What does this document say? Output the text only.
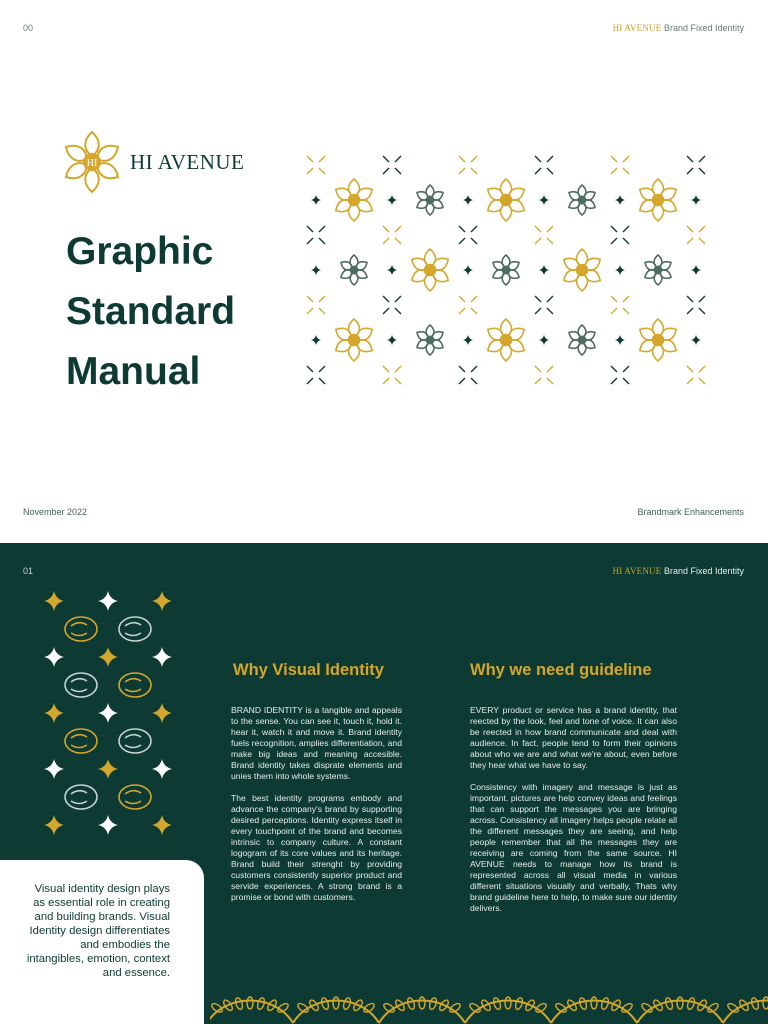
00	HI AVENUE Brand Fixed Identity
HI HI AVENUE
Graphic
Standard
Manual
November 2022	Brandmark Enhancements
01	HI AVENUE Brand Fixed Identity

Visual identity design plays as essential role in creating and building brands. Visual Identity design differentiates and embodies the intangibles, emotion, context and essence.

Why Visual Identity	Why we need guideline

BRAND IDENTITY is a tangible and appeals to the sense. You can see it, touch it, hold it. hear it, watch it and move it. Brand identity fuels recognition, amplies differentiation, and make big ideas and meaning accesible. Brand identity takes disprate elements and unies them into whole systems.

The best identity programs embody and advance the company's brand by supporting desired perceptions. Identity express itself in every touchpoint of the brand and becomes intrinsic to company culture. A constant logogram of its core values and its heritage. Brand build their strenght by providing customers consistently superior product and servide experiences. A strong brand is a promise or bond with customers.

EVERY product or service has a brand identity, that reected by the look, feel and tone of voice. It can also be reected in how brand communicate and deal with audience. In fact, people tend to form their opinions about who we are and what we're about, even before they hear what we have to say.

Consistency with imagery and message is just as important. pictures are help convey ideas and feelings that can support the messages you are bringing across. Consistency all imagery helps people relate all the different messages they are seeing, and help people remember that all the messages they are receiving are coming from the same source. HI AVENUE needs to manage how its brand is represented across all visual media in various different situations visually and verbally, Thats why brand guideline here to help, to make sure our identity delivers.
